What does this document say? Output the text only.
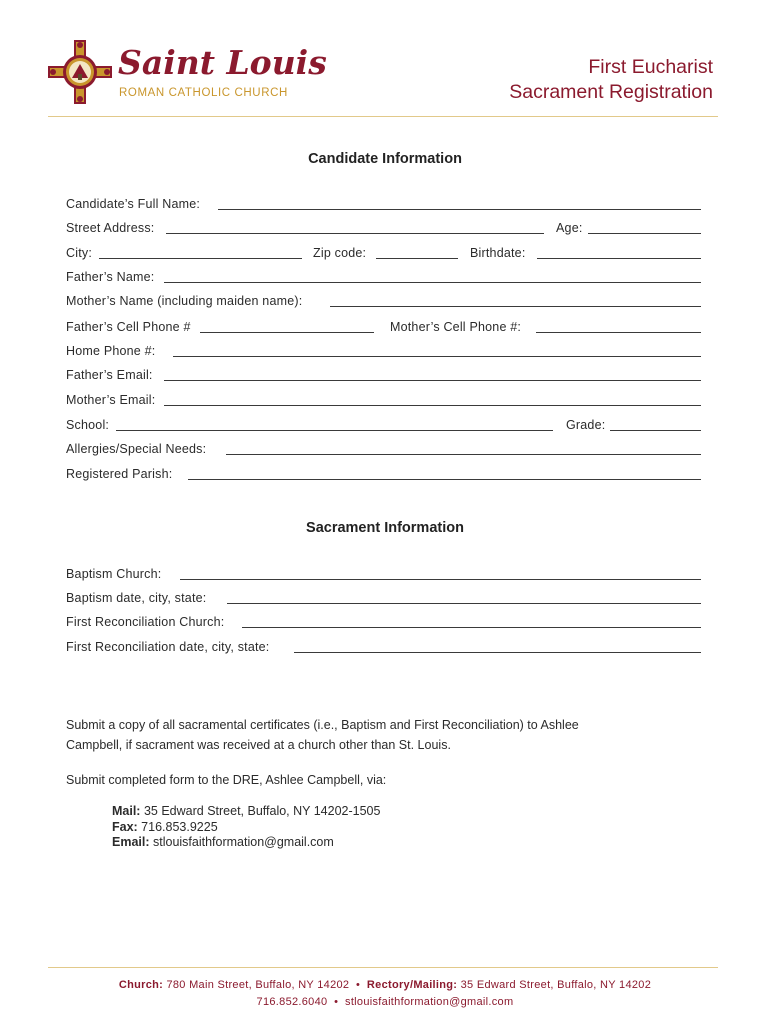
Saint Louis
ROMAN CATHOLIC CHURCH
First Eucharist
Sacrament Registration
Candidate Information
Candidate’s Full Name:
Street Address:	Age:
City:	Zip code:	Birthdate:
Father’s Name:
Mother’s Name (including maiden name):
Father’s Cell Phone #	Mother’s Cell Phone #:
Home Phone #:
Father’s Email:
Mother’s Email:
School:	Grade:
Allergies/Special Needs:
Registered Parish:
Sacrament Information
Baptism Church:
Baptism date, city, state:
First Reconciliation Church:
First Reconciliation date, city, state:
Submit a copy of all sacramental certificates (i.e., Baptism and First Reconciliation) to Ashlee
Campbell, if sacrament was received at a church other than St. Louis.
Submit completed form to the DRE, Ashlee Campbell, via:
Mail: 35 Edward Street, Buffalo, NY 14202-1505
Fax: 716.853.9225
Email: stlouisfaithformation@gmail.com
Church: 780 Main Street, Buffalo, NY 14202  •  Rectory/Mailing: 35 Edward Street, Buffalo, NY 14202
716.852.6040  •  stlouisfaithformation@gmail.com
